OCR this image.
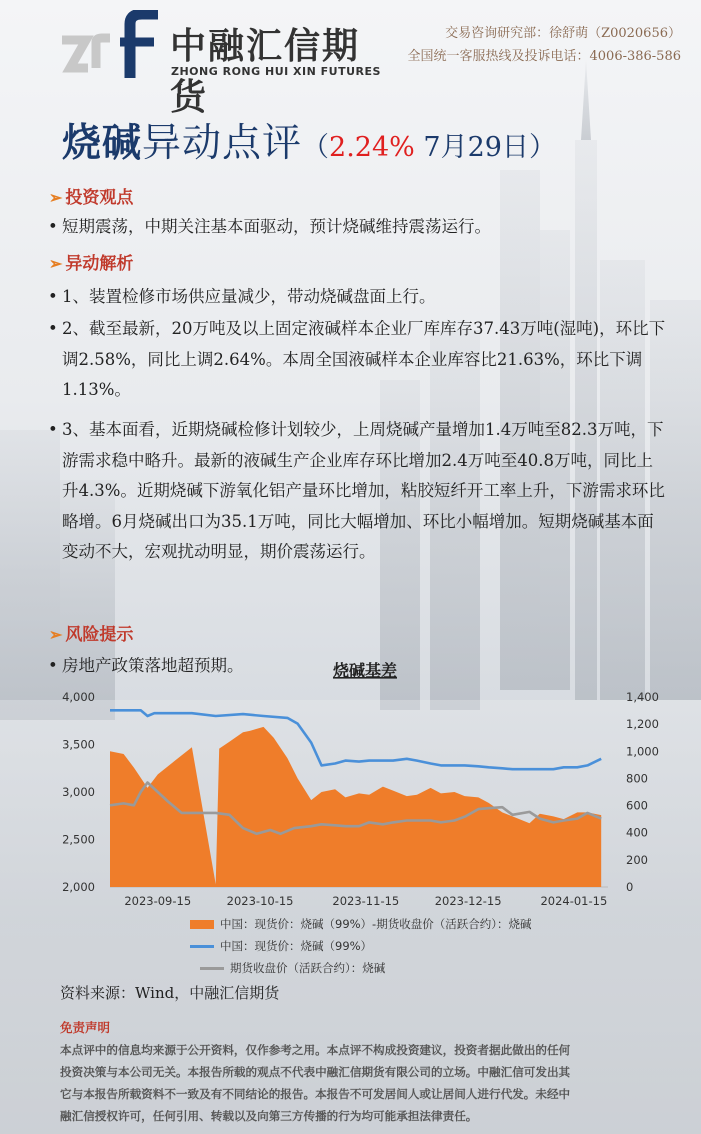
中融汇信期货
ZHONG RONG HUI XIN FUTURES
交易咨询研究部：徐舒萌（Z0020656）
全国统一客服热线及投诉电话：4006-386-586
烧碱异动点评（2.24% 7月29日）
➢ 投资观点
• 短期震荡，中期关注基本面驱动，预计烧碱维持震荡运行。
➢ 异动解析
• 1、装置检修市场供应量减少，带动烧碱盘面上行。
• 2、截至最新，20万吨及以上固定液碱样本企业厂库库存37.43万吨(湿吨)，环比下调2.58%，同比上调2.64%。本周全国液碱样本企业库容比21.63%，环比下调1.13%。
• 3、基本面看，近期烧碱检修计划较少，上周烧碱产量增加1.4万吨至82.3万吨，下游需求稳中略升。最新的液碱生产企业库存环比增加2.4万吨至40.8万吨，同比上升4.3%。近期烧碱下游氧化铝产量环比增加，粘胶短纤开工率上升，下游需求环比略增。6月烧碱出口为35.1万吨，同比大幅增加、环比小幅增加。短期烧碱基本面变动不大，宏观扰动明显，期价震荡运行。
➢ 风险提示
• 房地产政策落地超预期。	烧碱基差
4,000
3,500
3,000
2,500
2,000
1,400
1,200
1,000
800
600
400
200
0
2023-09-15	2023-10-15	2023-11-15	2023-12-15	2024-01-15
中国：现货价：烧碱（99%）-期货收盘价（活跃合约）：烧碱
中国：现货价：烧碱（99%）
期货收盘价（活跃合约）：烧碱
资料来源：Wind，中融汇信期货
免责声明
本点评中的信息均来源于公开资料，仅作参考之用。本点评不构成投资建议，投资者据此做出的任何
投资决策与本公司无关。本报告所载的观点不代表中融汇信期货有限公司的立场。中融汇信可发出其
它与本报告所载资料不一致及有不同结论的报告。本报告不可发居间人或让居间人进行代发。未经中
融汇信授权许可，任何引用、转载以及向第三方传播的行为均可能承担法律责任。
